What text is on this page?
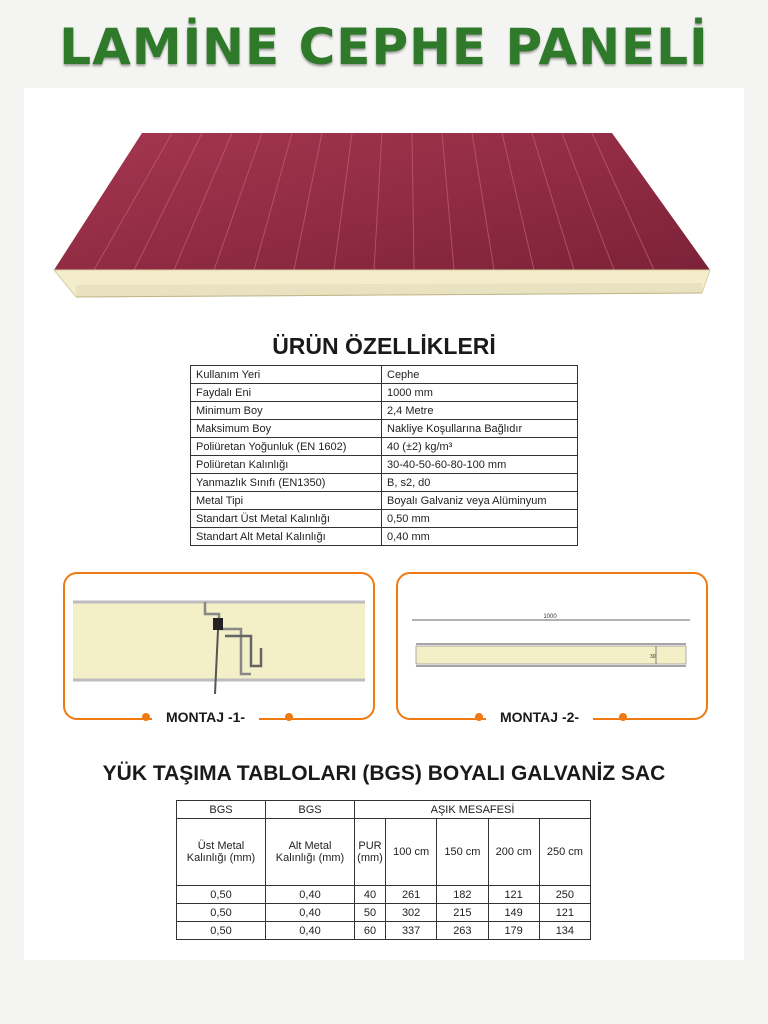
LAMİNE CEPHE PANELİ
ÜRÜN ÖZELLİKLERİ
Kullanım Yeri	Cephe
Faydalı Eni	1000 mm
Minimum Boy	2,4 Metre
Maksimum Boy	Nakliye Koşullarına Bağlıdır
Poliüretan Yoğunluk (EN 1602)	40 (±2) kg/m³
Poliüretan Kalınlığı	30-40-50-60-80-100 mm
Yanmazlık Sınıfı (EN1350)	B, s2, d0
Metal Tipi	Boyalı Galvaniz veya Alüminyum
Standart Üst Metal Kalınlığı	0,50 mm
Standart Alt Metal Kalınlığı	0,40 mm
1000
30
MONTAJ -1-	MONTAJ -2-
YÜK TAŞIMA TABLOLARI (BGS) BOYALI GALVANİZ SAC
BGS	BGS	AŞIK MESAFESİ				
Üst Metal Kalınlığı (mm)	Alt Metal Kalınlığı (mm)	PUR (mm)	100 cm	150 cm	200 cm	250 cm
0,50	0,40	40	261	182	121	250
0,50	0,40	50	302	215	149	121
0,50	0,40	60	337	263	179	134
